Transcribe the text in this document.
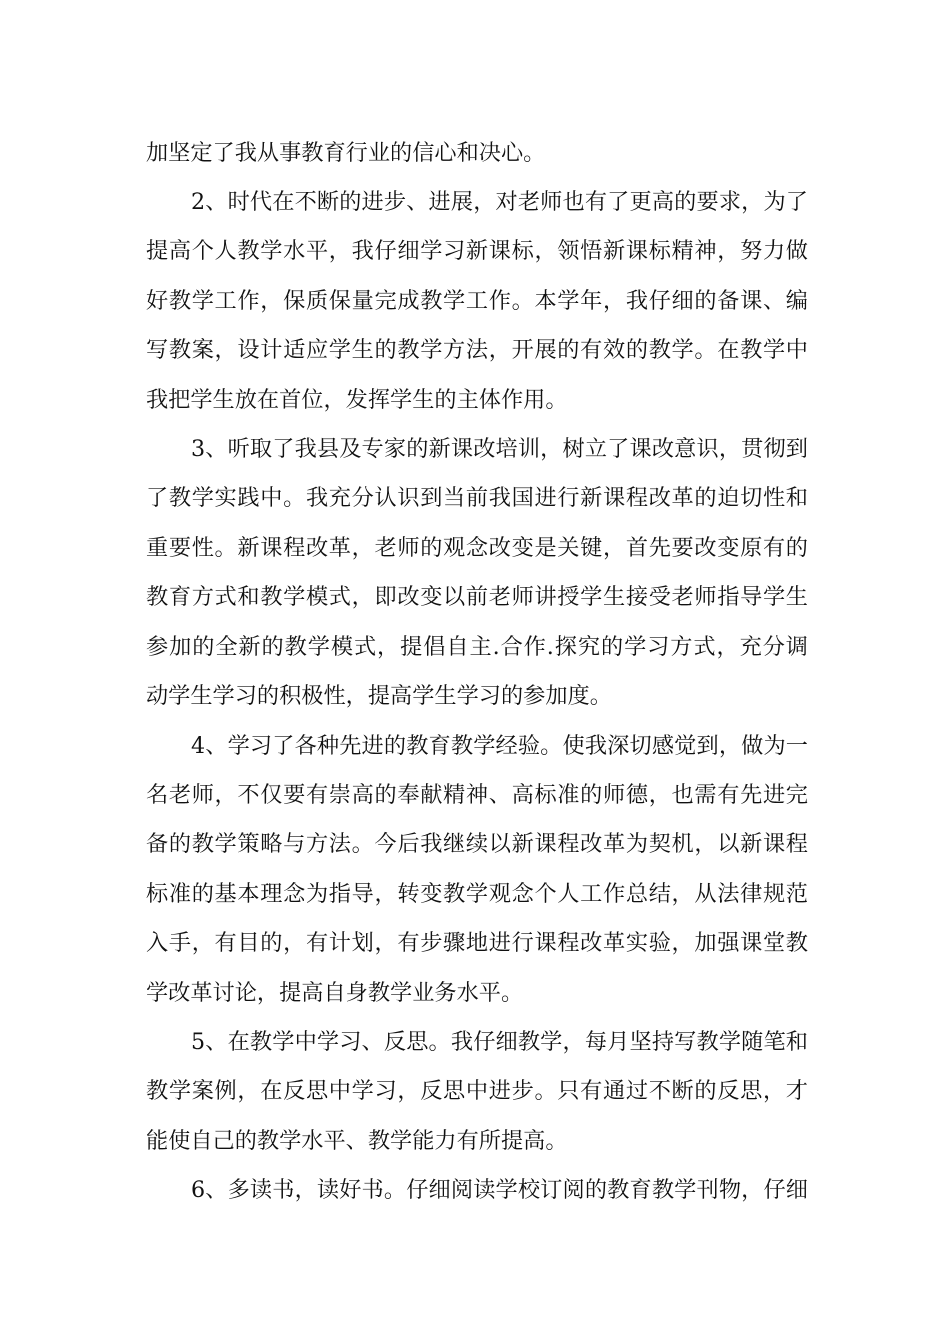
加坚定了我从事教育行业的信心和决心。
2、时代在不断的进步、进展，对老师也有了更高的要求，为了
提高个人教学水平，我仔细学习新课标，领悟新课标精神，努力做
好教学工作，保质保量完成教学工作。本学年，我仔细的备课、编
写教案，设计适应学生的教学方法，开展的有效的教学。在教学中
我把学生放在首位，发挥学生的主体作用。
3、听取了我县及专家的新课改培训，树立了课改意识，贯彻到
了教学实践中。我充分认识到当前我国进行新课程改革的迫切性和
重要性。新课程改革，老师的观念改变是关键，首先要改变原有的
教育方式和教学模式，即改变以前老师讲授学生接受老师指导学生
参加的全新的教学模式，提倡自主.合作.探究的学习方式，充分调
动学生学习的积极性，提高学生学习的参加度。
4、学习了各种先进的教育教学经验。使我深切感觉到，做为一
名老师，不仅要有崇高的奉献精神、高标准的师德，也需有先进完
备的教学策略与方法。今后我继续以新课程改革为契机，以新课程
标准的基本理念为指导，转变教学观念个人工作总结，从法律规范
入手，有目的，有计划，有步骤地进行课程改革实验，加强课堂教
学改革讨论，提高自身教学业务水平。
5、在教学中学习、反思。我仔细教学，每月坚持写教学随笔和
教学案例，在反思中学习，反思中进步。只有通过不断的反思，才
能使自己的教学水平、教学能力有所提高。
6、多读书，读好书。仔细阅读学校订阅的教育教学刊物，仔细
